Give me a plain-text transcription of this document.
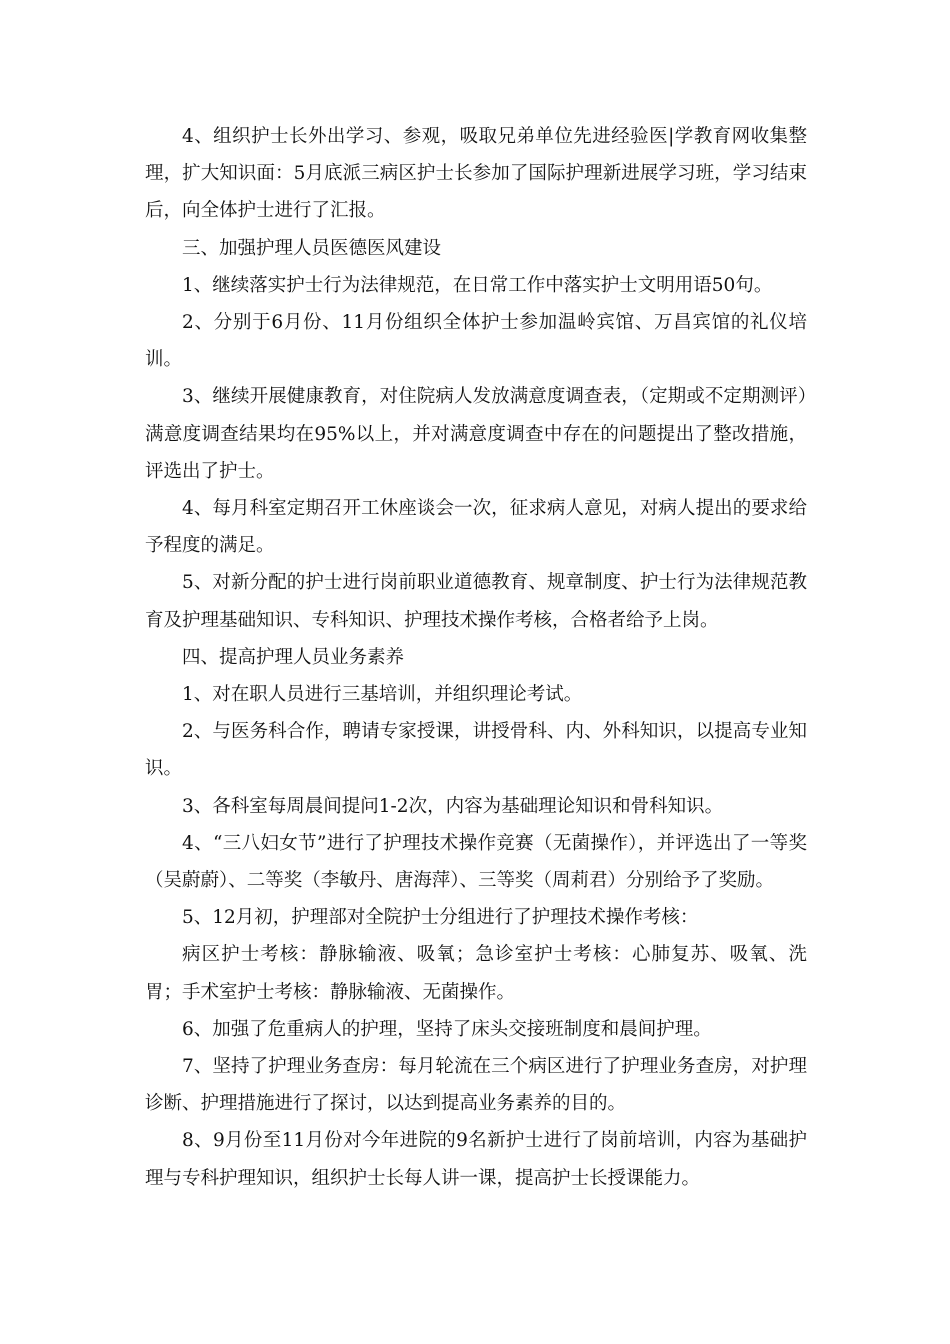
4、组织护士长外出学习、参观，吸取兄弟单位先进经验医|学教育网收集整理，扩大知识面：5月底派三病区护士长参加了国际护理新进展学习班，学习结束后，向全体护士进行了汇报。

三、加强护理人员医德医风建设

1、继续落实护士行为法律规范，在日常工作中落实护士文明用语50句。

2、分别于6月份、11月份组织全体护士参加温岭宾馆、万昌宾馆的礼仪培训。

3、继续开展健康教育，对住院病人发放满意度调查表，（定期或不定期测评）满意度调查结果均在95%以上，并对满意度调查中存在的问题提出了整改措施，评选出了护士。

4、每月科室定期召开工休座谈会一次，征求病人意见，对病人提出的要求给予程度的满足。

5、对新分配的护士进行岗前职业道德教育、规章制度、护士行为法律规范教育及护理基础知识、专科知识、护理技术操作考核，合格者给予上岗。

四、提高护理人员业务素养

1、对在职人员进行三基培训，并组织理论考试。

2、与医务科合作，聘请专家授课，讲授骨科、内、外科知识，以提高专业知识。

3、各科室每周晨间提问1-2次，内容为基础理论知识和骨科知识。

4、“三八妇女节”进行了护理技术操作竞赛（无菌操作），并评选出了一等奖（吴蔚蔚）、二等奖（李敏丹、唐海萍）、三等奖（周莉君）分别给予了奖励。

5、12月初，护理部对全院护士分组进行了护理技术操作考核：

病区护士考核：静脉输液、吸氧；急诊室护士考核：心肺复苏、吸氧、洗胃；手术室护士考核：静脉输液、无菌操作。

6、加强了危重病人的护理，坚持了床头交接班制度和晨间护理。

7、坚持了护理业务查房：每月轮流在三个病区进行了护理业务查房，对护理诊断、护理措施进行了探讨，以达到提高业务素养的目的。

8、9月份至11月份对今年进院的9名新护士进行了岗前培训，内容为基础护理与专科护理知识，组织护士长每人讲一课，提高护士长授课能力。
